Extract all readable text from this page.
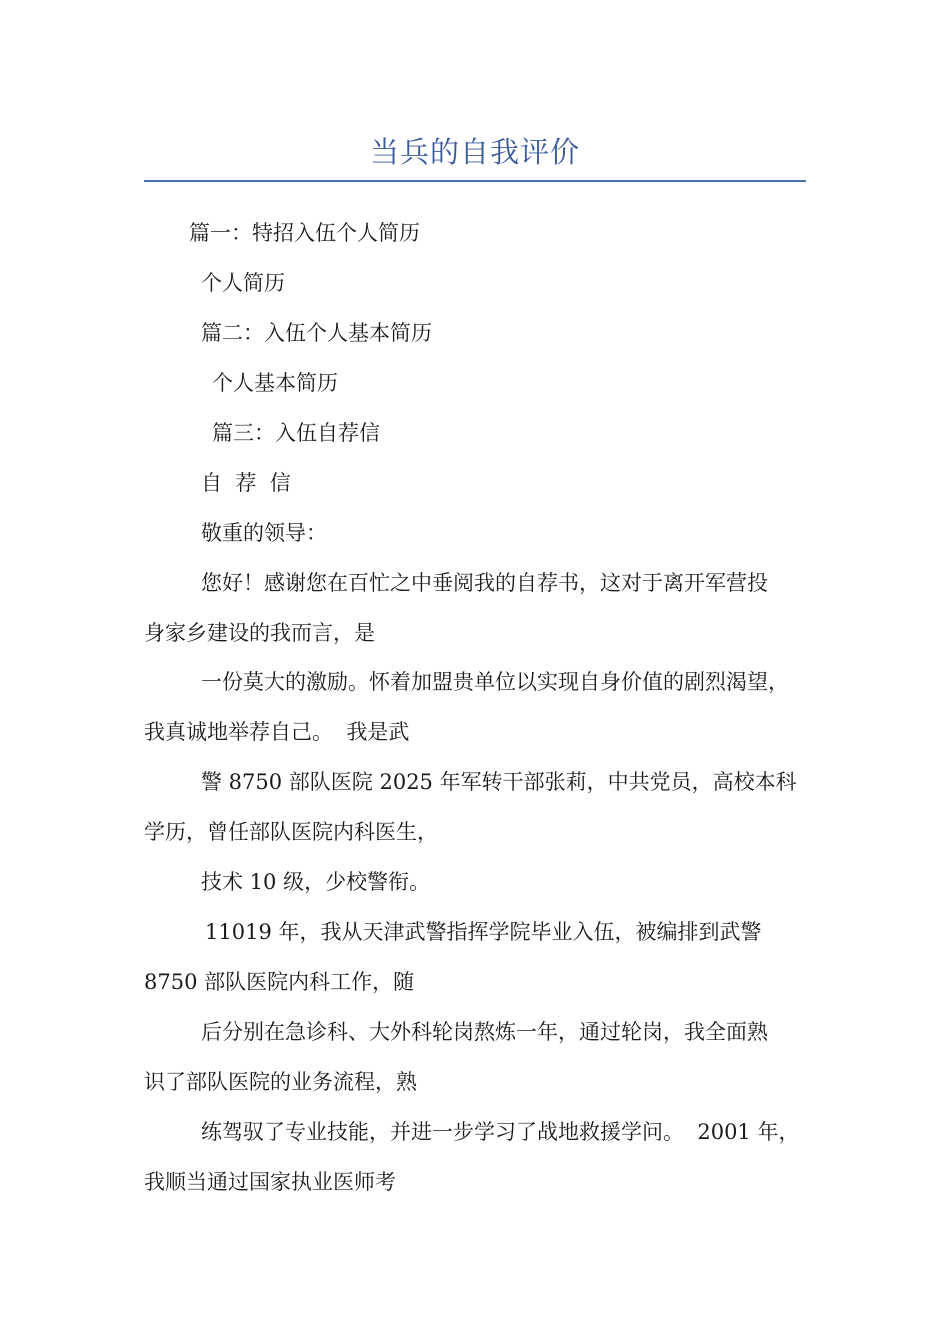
当兵的自我评价
篇一：特招入伍个人简历
个人简历
篇二：入伍个人基本简历
个人基本简历
篇三：入伍自荐信
自  荐  信
敬重的领导：
您好！感谢您在百忙之中垂阅我的自荐书，这对于离开军营投
身家乡建设的我而言，是
一份莫大的激励。怀着加盟贵单位以实现自身价值的剧烈渴望，
我真诚地举荐自己。  我是武
警 8750 部队医院 2025 年军转干部张莉，中共党员，高校本科
学历，曾任部队医院内科医生，
技术 10 级，少校警衔。
11019 年，我从天津武警指挥学院毕业入伍，被编排到武警
8750 部队医院内科工作，随
后分别在急诊科、大外科轮岗熬炼一年，通过轮岗，我全面熟
识了部队医院的业务流程，熟
练驾驭了专业技能，并进一步学习了战地救援学问。  2001 年，
我顺当通过国家执业医师考
